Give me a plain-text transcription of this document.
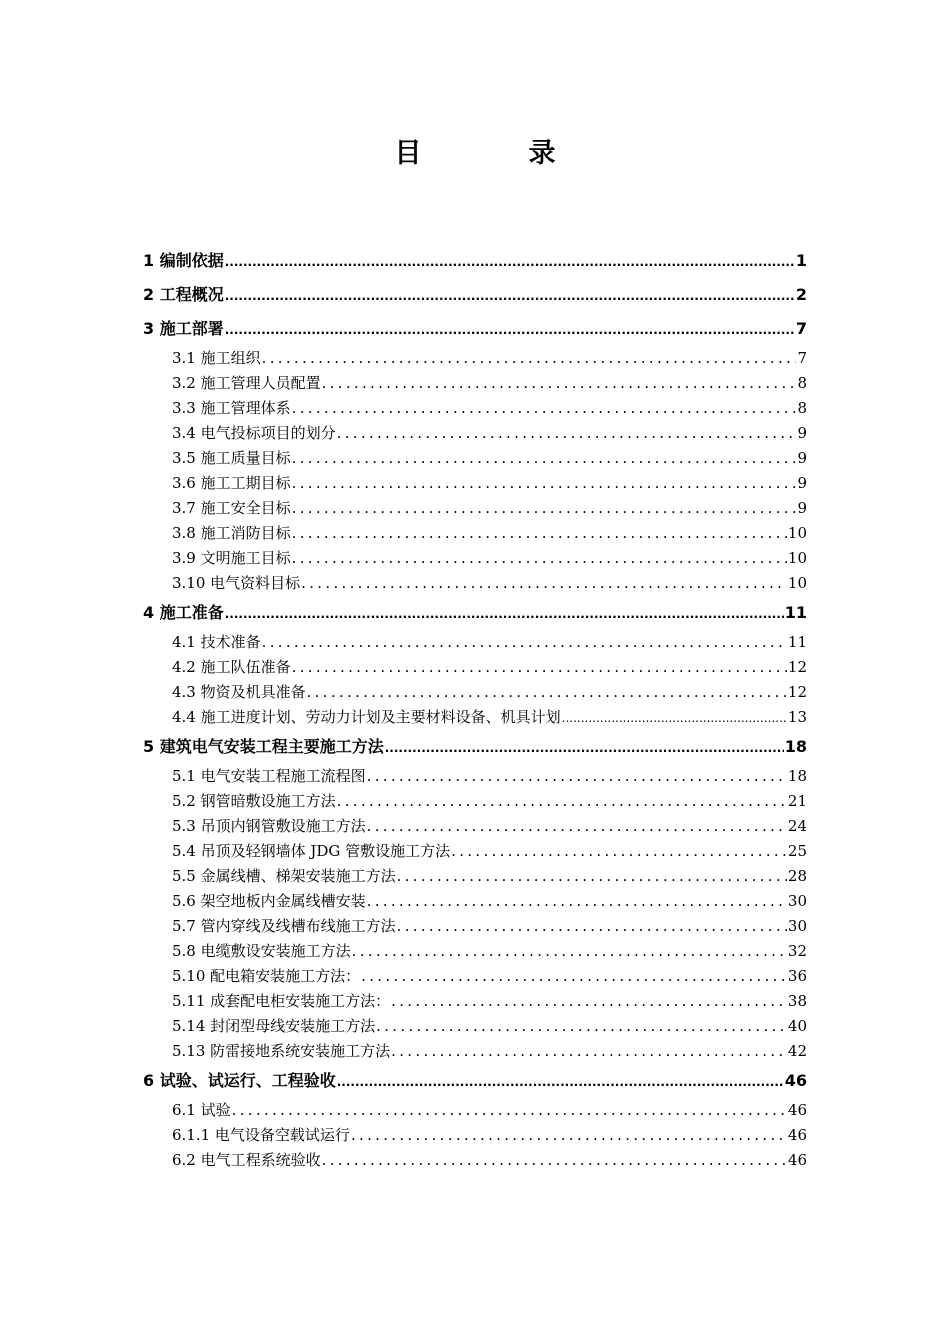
目　录
1 编制依据 .....	1
2 工程概况 .....	2
3 施工部署 .....	7
3.1 施工组织 .....	7
3.2 施工管理人员配置 .....	8
3.3 施工管理体系 .....	8
3.4 电气投标项目的划分 .....	9
3.5 施工质量目标 .....	9
3.6 施工工期目标 .....	9
3.7 施工安全目标 .....	9
3.8 施工消防目标 .....	10
3.9 文明施工目标 .....	10
3.10 电气资料目标 .....	10
4 施工准备 .....	11
4.1 技术准备 .....	11
4.2 施工队伍准备 .....	12
4.3 物资及机具准备 .....	12
4.4 施工进度计划、劳动力计划及主要材料设备、机具计划 .....	13
5 建筑电气安装工程主要施工方法 .....	18
5.1 电气安装工程施工流程图 .....	18
5.2 钢管暗敷设施工方法 .....	21
5.3 吊顶内钢管敷设施工方法 .....	24
5.4 吊顶及轻钢墙体 JDG 管敷设施工方法 .....	25
5.5 金属线槽、梯架安装施工方法 .....	28
5.6 架空地板内金属线槽安装 .....	30
5.7 管内穿线及线槽布线施工方法 .....	30
5.8 电缆敷设安装施工方法 .....	32
5.10 配电箱安装施工方法： .....	36
5.11 成套配电柜安装施工方法： .....	38
5.14 封闭型母线安装施工方法 .....	40
5.13 防雷接地系统安装施工方法 .....	42
6 试验、试运行、工程验收 .....	46
6.1 试验 .....	46
6.1.1 电气设备空载试运行 .....	46
6.2 电气工程系统验收 .....	46
